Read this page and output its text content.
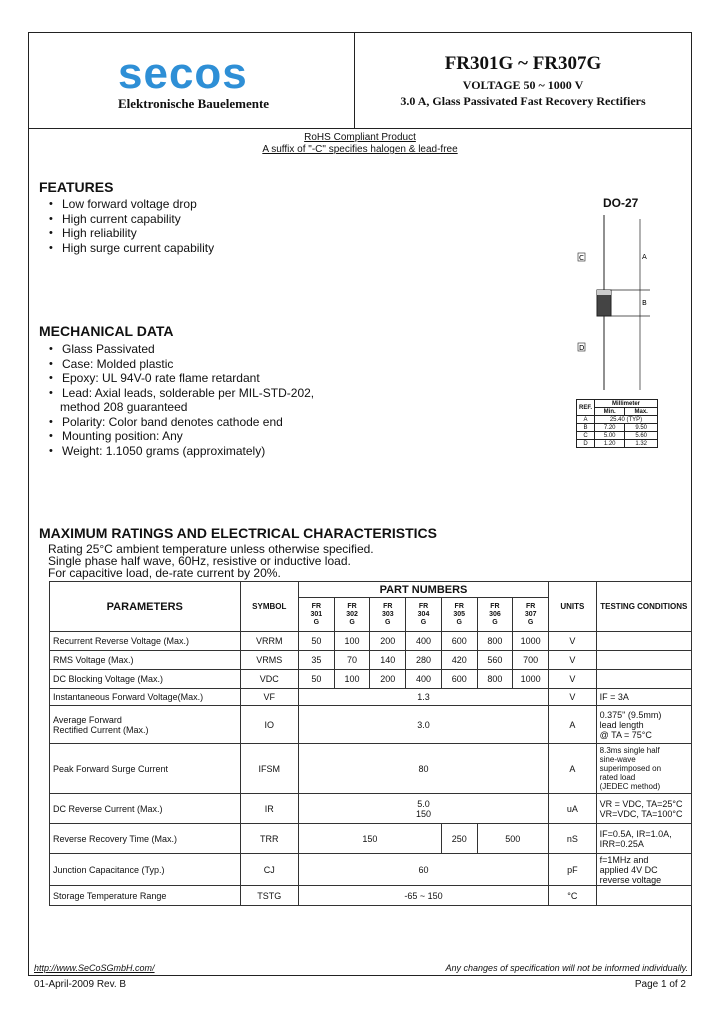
secos
Elektronische Bauelemente
FR301G ~ FR307G
VOLTAGE 50 ~ 1000 V
3.0 A, Glass Passivated Fast Recovery Rectifiers
RoHS Compliant Product
A suffix of "-C" specifies halogen & lead-free
FEATURES
• Low forward voltage drop
• High current capability
• High reliability
• High surge current capability
DO-27
A
B
C
D
MECHANICAL DATA
• Glass Passivated
• Case: Molded plastic
• Epoxy: UL 94V-0 rate flame retardant
• Lead: Axial leads, solderable per MIL-STD-202,
method 208 guaranteed
• Polarity: Color band denotes cathode end
• Mounting position: Any
• Weight: 1.1050 grams (approximately)
REF.	Millimeter	
	Min.	Max.
A	25.40 (TYP)	
B	7.20	9.50
C	5.00	5.60
D	1.20	1.32
MAXIMUM RATINGS AND ELECTRICAL CHARACTERISTICS
Rating 25°C ambient temperature unless otherwise specified.
Single phase half wave, 60Hz, resistive or inductive load.
For capacitive load, de-rate current by 20%.
PARAMETERS	SYMBOL	PART NUMBERS							UNITS	TESTING CONDITIONS
		FR
301
G	FR
302
G	FR
303
G	FR
304
G	FR
305
G	FR
306
G	FR
307
G		
Recurrent Reverse Voltage (Max.)	VRRM	50	100	200	400	600	800	1000	V	
RMS Voltage (Max.)	VRMS	35	70	140	280	420	560	700	V	
DC Blocking Voltage (Max.)	VDC	50	100	200	400	600	800	1000	V	
Instantaneous Forward Voltage(Max.)	VF	1.3							V	IF = 3A
Average Forward
Rectified Current (Max.)	IO	3.0							A	0.375" (9.5mm)
lead length
@ TA = 75°C
Peak Forward Surge Current	IFSM	80							A	8.3ms single half
sine-wave
superimposed on
rated load
(JEDEC method)
DC Reverse Current (Max.)	IR	5.0
150							uA	VR = VDC, TA=25°C
VR=VDC, TA=100°C
Reverse Recovery Time (Max.)	TRR	150				250	500		nS	IF=0.5A, IR=1.0A,
IRR=0.25A
Junction Capacitance (Typ.)	CJ	60							pF	f=1MHz and
applied 4V DC
reverse voltage
Storage Temperature Range	TSTG	-65 ~ 150							°C	
http://www.SeCoSGmbH.com/	Any changes of specification will not be informed individually.
01-April-2009 Rev. B	Page 1 of 2
